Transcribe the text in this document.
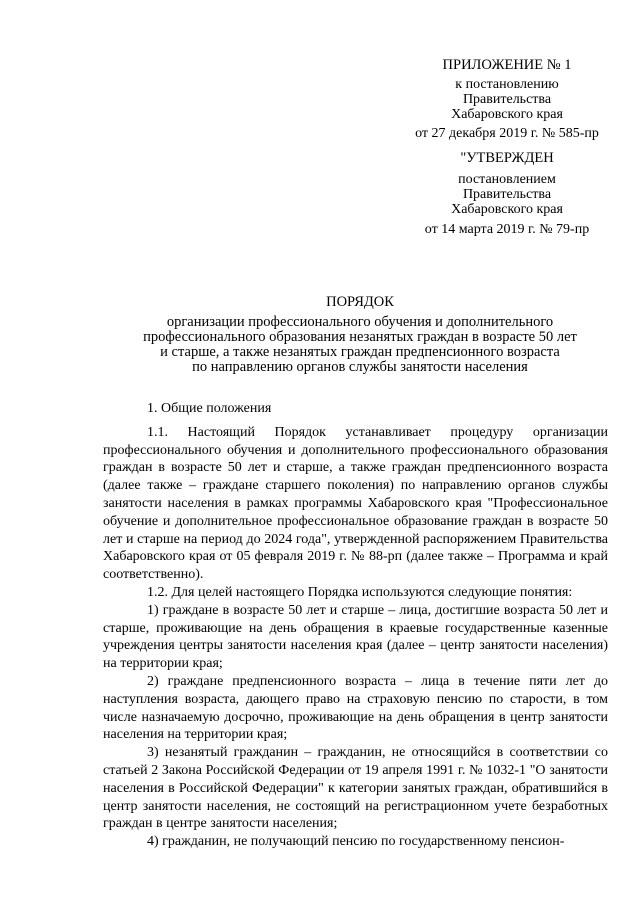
ПРИЛОЖЕНИЕ № 1
к постановлению
Правительства
Хабаровского края
от 27 декабря 2019 г. № 585-пр
"УТВЕРЖДЕН
постановлением
Правительства
Хабаровского края
от 14 марта 2019 г. № 79-пр
ПОРЯДОК
организации профессионального обучения и дополнительного
профессионального образования незанятых граждан в возрасте 50 лет
и старше, а также незанятых граждан предпенсионного возраста
по направлению органов службы занятости населения
1. Общие положения

1.1. Настоящий Порядок устанавливает процедуру организации профессионального обучения и дополнительного профессионального образования граждан в возрасте 50 лет и старше, а также граждан предпенсионного возраста (далее также – граждане старшего поколения) по направлению органов службы занятости населения в рамках программы Хабаровского края "Профессиональное обучение и дополнительное профессиональное образование граждан в возрасте 50 лет и старше на период до 2024 года", утвержденной распоряжением Правительства Хабаровского края от 05 февраля 2019 г. № 88-рп (далее также – Программа и край соответственно).

1.2. Для целей настоящего Порядка используются следующие понятия:

1) граждане в возрасте 50 лет и старше – лица, достигшие возраста 50 лет и старше, проживающие на день обращения в краевые государственные казенные учреждения центры занятости населения края (далее – центр занятости населения) на территории края;

2) граждане предпенсионного возраста – лица в течение пяти лет до наступления возраста, дающего право на страховую пенсию по старости, в том числе назначаемую досрочно, проживающие на день обращения в центр занятости населения на территории края;

3) незанятый гражданин – гражданин, не относящийся в соответствии со статьей 2 Закона Российской Федерации от 19 апреля 1991 г. № 1032-1 "О занятости населения в Российской Федерации" к категории занятых граждан, обратившийся в центр занятости населения, не состоящий на регистрационном учете безработных граждан в центре занятости населения;

4) гражданин, не получающий пенсию по государственному пенсион-
